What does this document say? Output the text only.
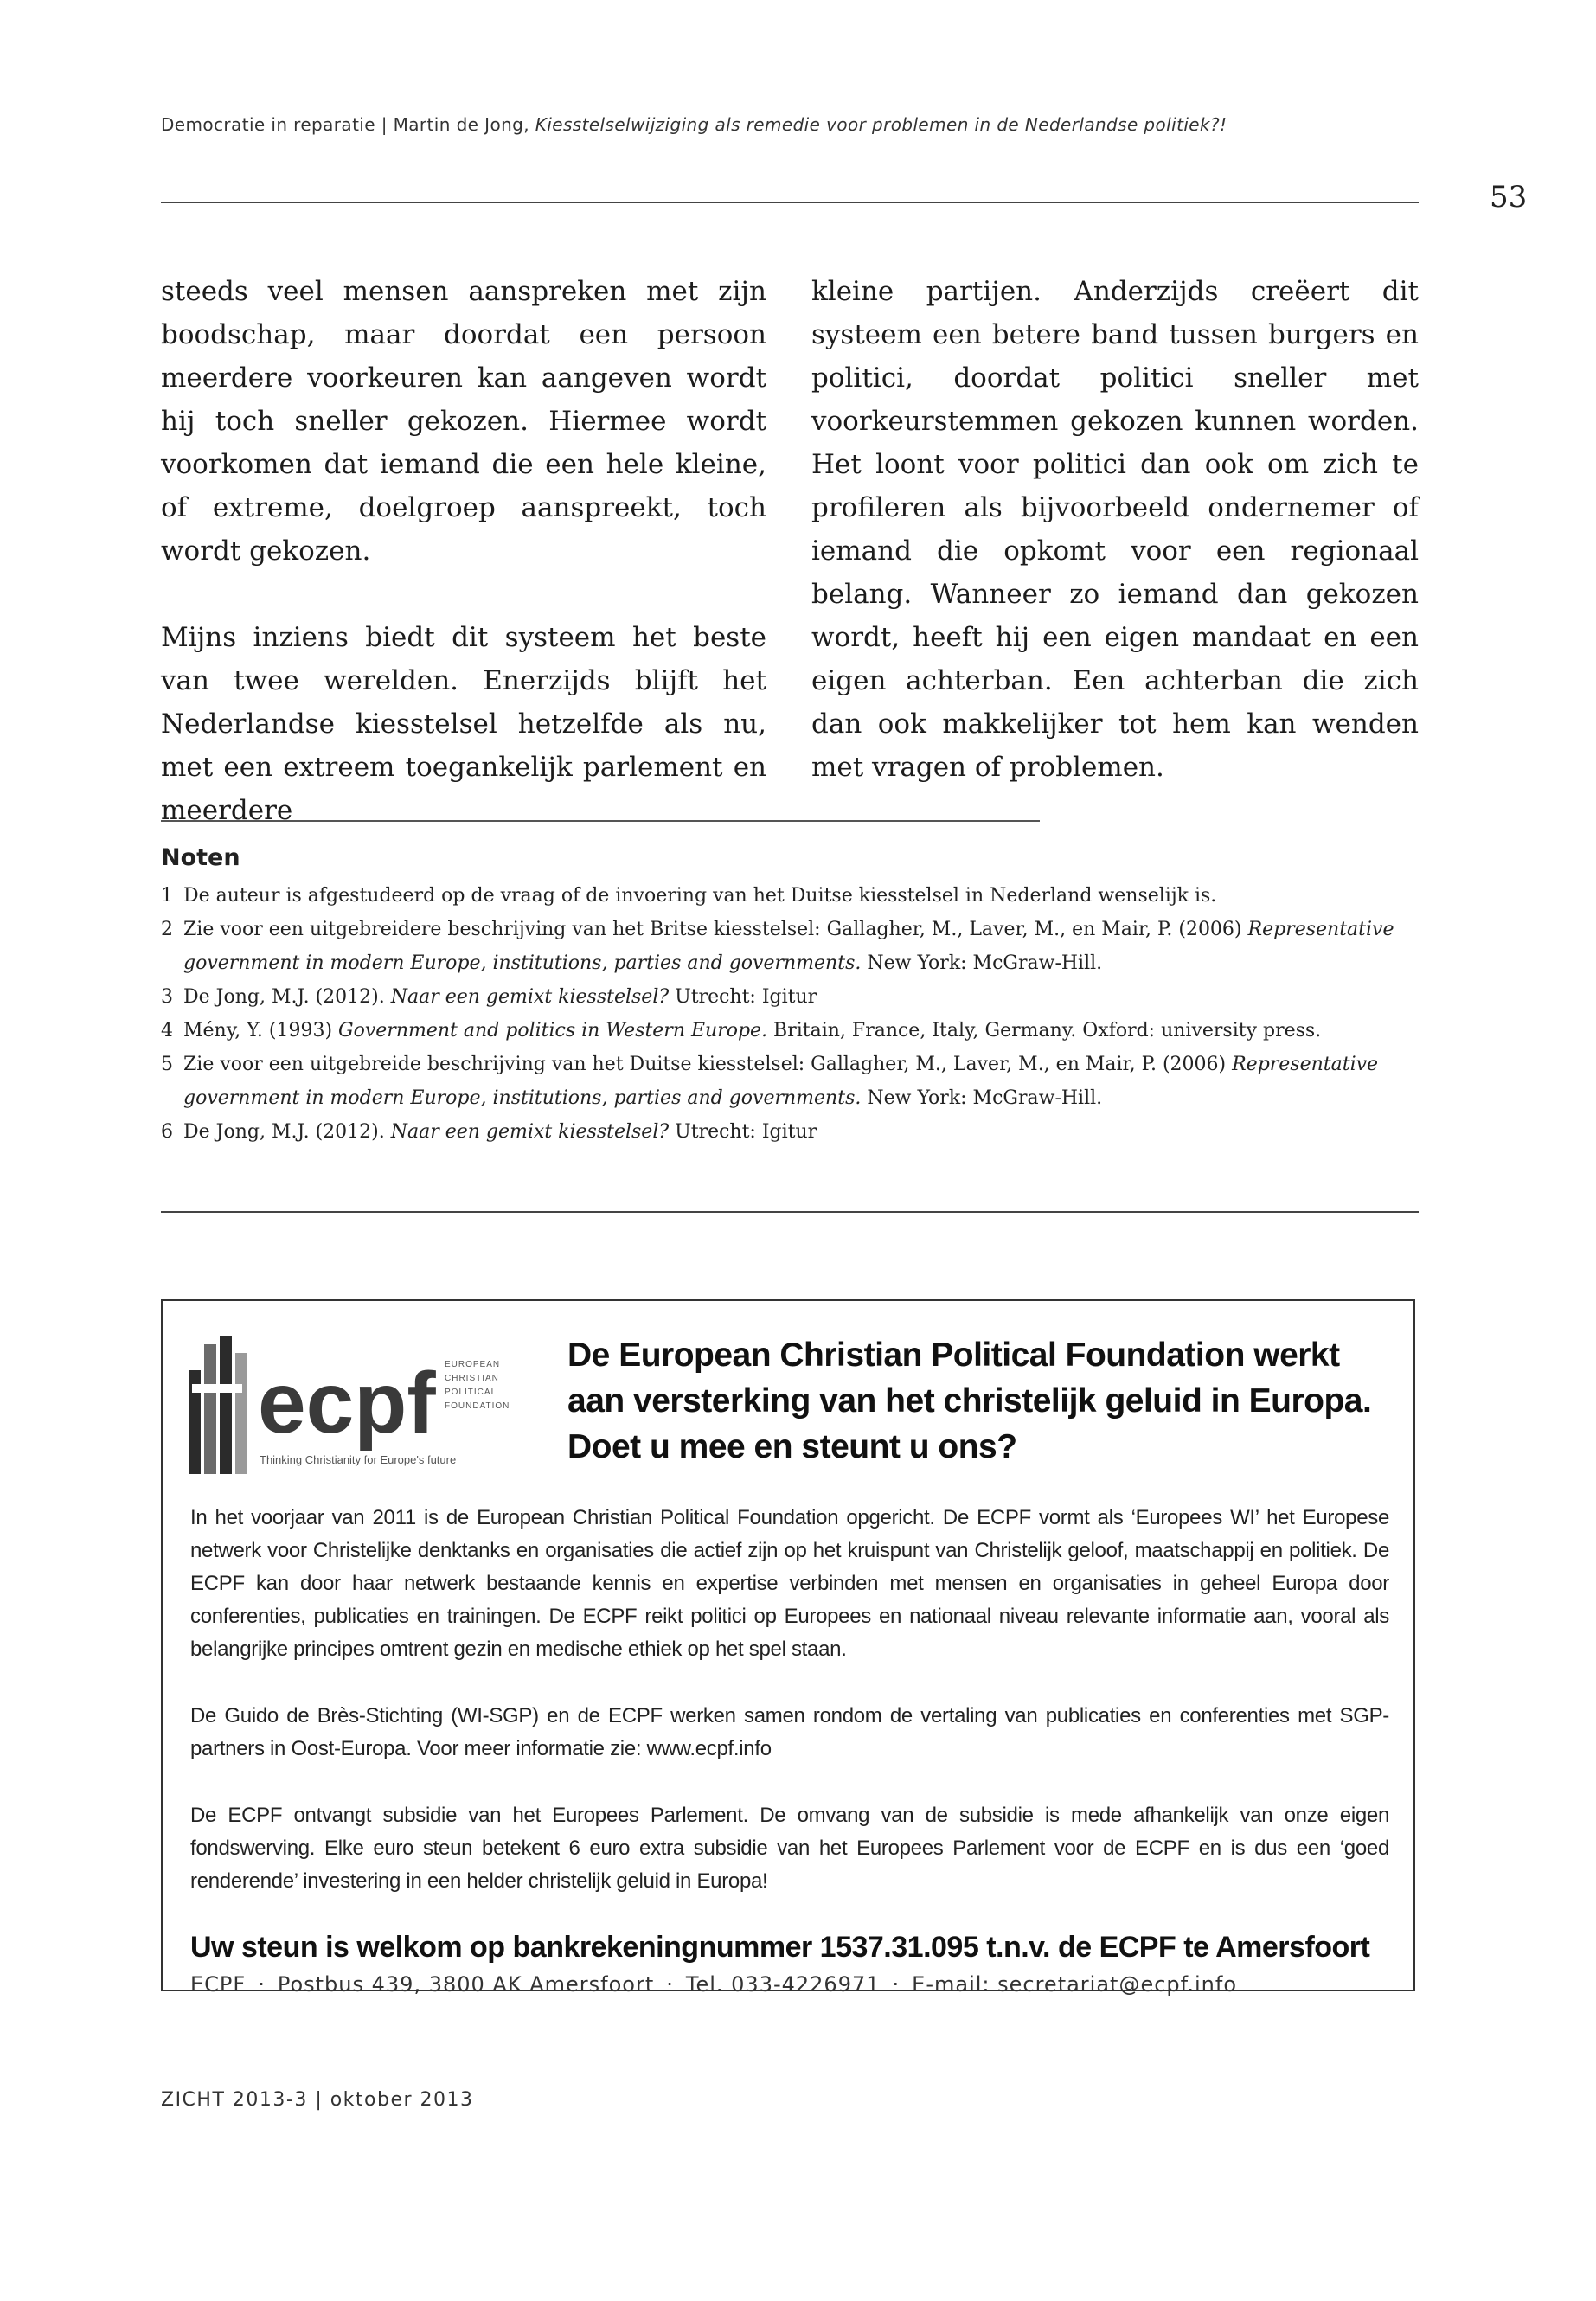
Democratie in reparatie | Martin de Jong, Kiesstelselwijziging als remedie voor problemen in de Nederlandse politiek?!
53

steeds veel mensen aanspreken met zijn boodschap, maar doordat een persoon meerdere voorkeuren kan aangeven wordt hij toch sneller gekozen. Hiermee wordt voorkomen dat iemand die een hele kleine, of extreme, doelgroep aanspreekt, toch wordt gekozen.

Mijns inziens biedt dit systeem het beste van twee werelden. Enerzijds blijft het Nederlandse kiesstelsel hetzelfde als nu, met een extreem toegankelijk parlement en meerdere

kleine partijen. Anderzijds creëert dit systeem een betere band tussen burgers en politici, doordat politici sneller met voorkeurstemmen gekozen kunnen worden. Het loont voor politici dan ook om zich te profileren als bijvoorbeeld ondernemer of iemand die opkomt voor een regionaal belang. Wanneer zo iemand dan gekozen wordt, heeft hij een eigen mandaat en een eigen achterban. Een achterban die zich dan ook makkelijker tot hem kan wenden met vragen of problemen.

Noten
1 De auteur is afgestudeerd op de vraag of de invoering van het Duitse kiesstelsel in Nederland wenselijk is.
2 Zie voor een uitgebreidere beschrijving van het Britse kiesstelsel: Gallagher, M., Laver, M., en Mair, P. (2006) Representative government in modern Europe, institutions, parties and governments. New York: McGraw-Hill.
3 De Jong, M.J. (2012). Naar een gemixt kiesstelsel? Utrecht: Igitur
4 Mény, Y. (1993) Government and politics in Western Europe. Britain, France, Italy, Germany. Oxford: university press.
5 Zie voor een uitgebreide beschrijving van het Duitse kiesstelsel: Gallagher, M., Laver, M., en Mair, P. (2006) Representative government in modern Europe, institutions, parties and governments. New York: McGraw-Hill.
6 De Jong, M.J. (2012). Naar een gemixt kiesstelsel? Utrecht: Igitur
ecpf EUROPEAN CHRISTIAN POLITICAL FOUNDATION
Thinking Christianity for Europe's future
De European Christian Political Foundation werkt aan versterking van het christelijk geluid in Europa. Doet u mee en steunt u ons?

In het voorjaar van 2011 is de European Christian Political Foundation opgericht. De ECPF vormt als ‘Europees WI’ het Europese netwerk voor Christelijke denktanks en organisaties die actief zijn op het kruispunt van Christelijk geloof, maatschappij en politiek. De ECPF kan door haar netwerk bestaande kennis en expertise verbinden met mensen en organisaties in geheel Europa door conferenties, publicaties en trainingen. De ECPF reikt politici op Europees en nationaal niveau relevante informatie aan, vooral als belangrijke principes omtrent gezin en medische ethiek op het spel staan.

De Guido de Brès-Stichting (WI-SGP) en de ECPF werken samen rondom de vertaling van publicaties en conferenties met SGP-partners in Oost-Europa. Voor meer informatie zie: www.ecpf.info

De ECPF ontvangt subsidie van het Europees Parlement. De omvang van de subsidie is mede afhankelijk van onze eigen fondswerving. Elke euro steun betekent 6 euro extra subsidie van het Europees Parlement voor de ECPF en is dus een ‘goed renderende’ investering in een helder christelijk geluid in Europa!

Uw steun is welkom op bankrekeningnummer 1537.31.095 t.n.v. de ECPF te Amersfoort
ECPF · Postbus 439, 3800 AK Amersfoort · Tel. 033-4226971 · E-mail: secretariat@ecpf.info
ZICHT 2013-3 | oktober 2013
